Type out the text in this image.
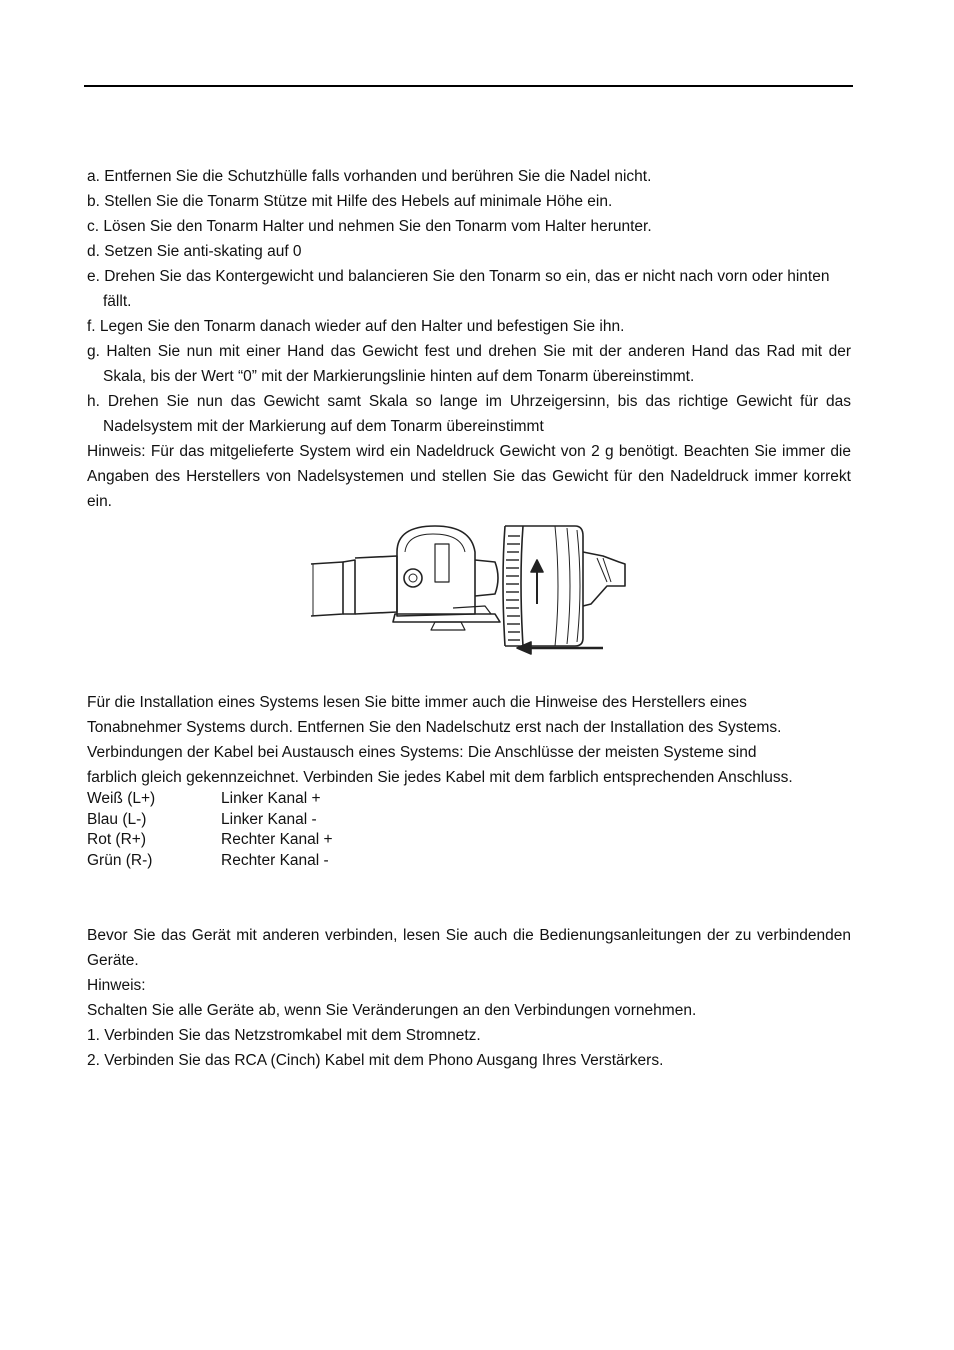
a. Entfernen Sie die Schutzhülle falls vorhanden und berühren Sie die Nadel nicht.
b. Stellen Sie die Tonarm Stütze mit Hilfe des Hebels auf minimale Höhe ein.
c. Lösen Sie den Tonarm Halter und nehmen Sie den Tonarm vom Halter herunter.
d. Setzen Sie anti-skating auf 0
e. Drehen Sie das Kontergewicht und balancieren Sie den Tonarm so ein, das er nicht nach vorn oder hinten fällt.
f. Legen Sie den Tonarm danach wieder auf den Halter und befestigen Sie ihn.
g. Halten Sie nun mit einer Hand das Gewicht fest und drehen Sie mit der anderen Hand das Rad mit der Skala, bis der Wert “0” mit der Markierungslinie hinten auf dem Tonarm übereinstimmt.
h. Drehen Sie nun das Gewicht samt Skala so lange im Uhrzeigersinn, bis das richtige Gewicht für das Nadelsystem mit der Markierung auf dem Tonarm übereinstimmt
Hinweis: Für das mitgelieferte System wird ein Nadeldruck Gewicht von 2 g benötigt. Beachten Sie immer die Angaben des Herstellers von Nadelsystemen und stellen Sie das Gewicht für den Nadeldruck immer korrekt ein.
Für die Installation eines Systems lesen Sie bitte immer auch die Hinweise des Herstellers eines
Tonabnehmer Systems durch. Entfernen Sie den Nadelschutz erst nach der Installation des Systems.
Verbindungen der Kabel bei Austausch eines Systems: Die Anschlüsse der meisten Systeme sind
farblich gleich gekennzeichnet. Verbinden Sie jedes Kabel mit dem farblich entsprechenden Anschluss.
Weiß (L+)	Linker Kanal +
Blau (L-)	Linker Kanal -
Rot (R+)	Rechter Kanal +
Grün (R-)	Rechter Kanal -
Bevor Sie das Gerät mit anderen verbinden, lesen Sie auch die Bedienungsanleitungen der zu verbindenden Geräte.
Hinweis:
Schalten Sie alle Geräte ab, wenn Sie Veränderungen an den Verbindungen vornehmen.
1. Verbinden Sie das Netzstromkabel mit dem Stromnetz.
2. Verbinden Sie das RCA (Cinch) Kabel mit dem Phono Ausgang Ihres Verstärkers.
